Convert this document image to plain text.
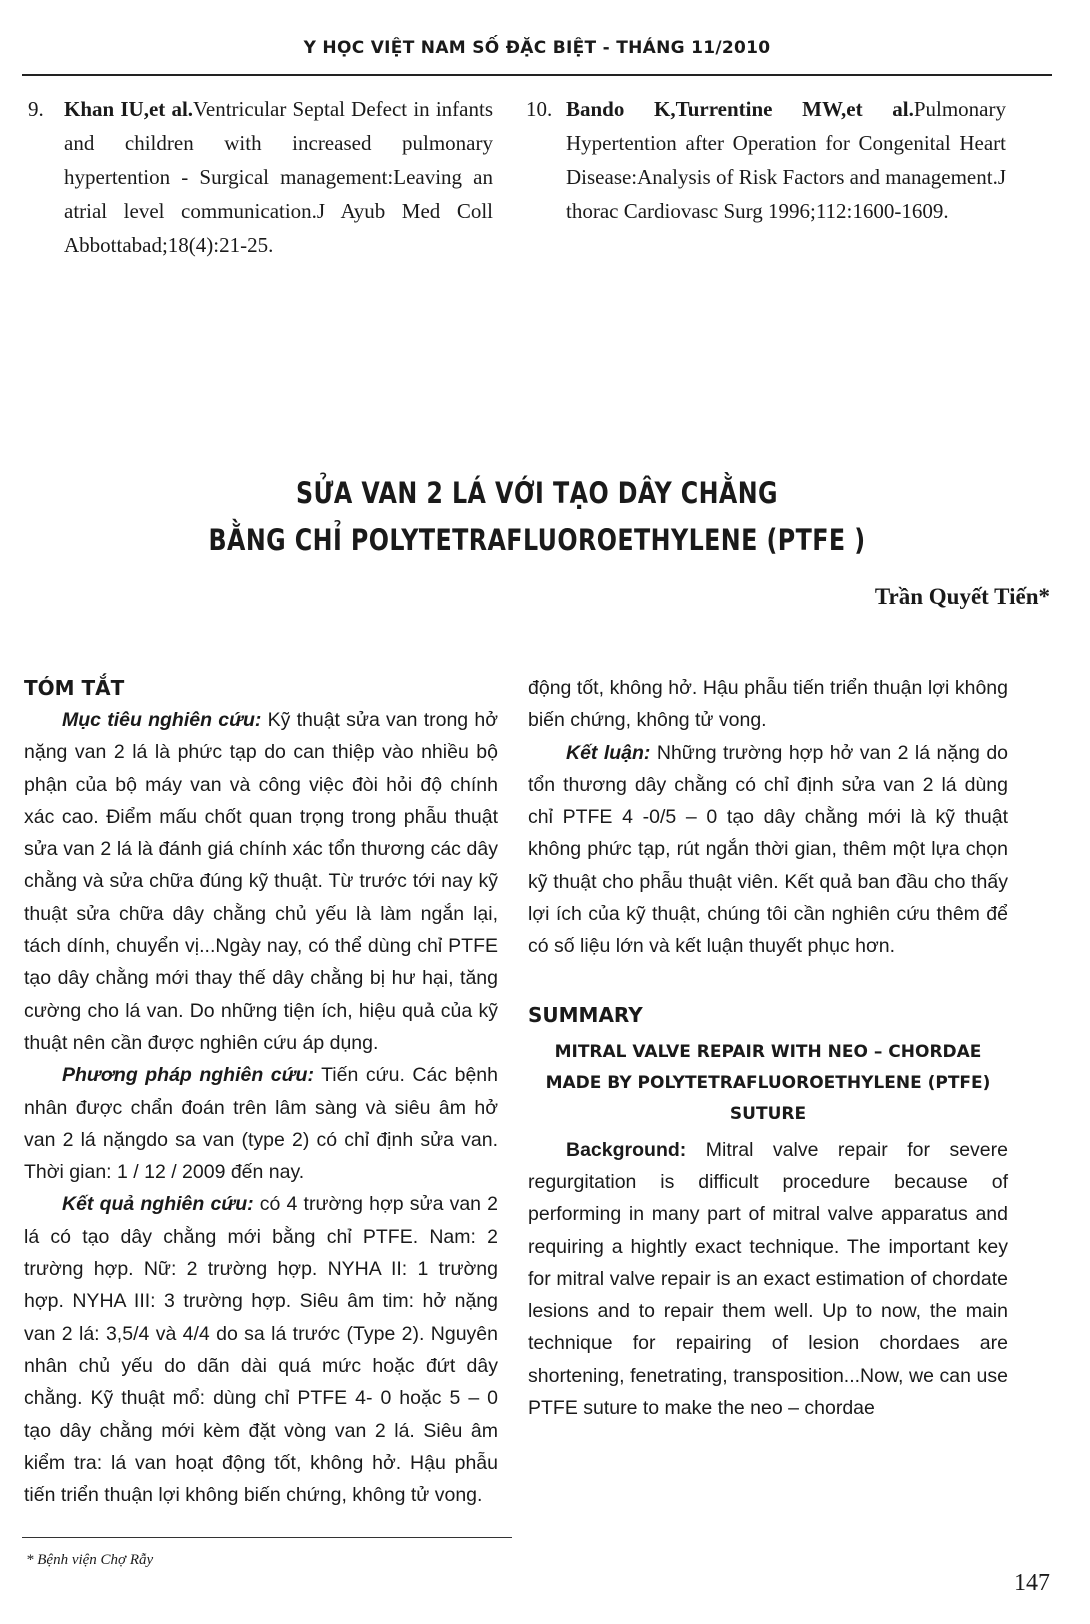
Y HỌC VIỆT NAM SỐ ĐẶC BIỆT - THÁNG 11/2010
9. Khan IU,et al.Ventricular Septal Defect in infants and children with increased pulmonary hypertention - Surgical management:Leaving an atrial level communication.J Ayub Med Coll Abbottabad;18(4):21-25.
10. Bando K,Turrentine MW,et al.Pulmonary Hypertention after Operation for Congenital Heart Disease:Analysis of Risk Factors and management.J thorac Cardiovasc Surg 1996;112:1600-1609.
SỬA VAN 2 LÁ VỚI TẠO DÂY CHẰNG
BẰNG CHỈ POLYTETRAFLUOROETHYLENE (PTFE )
Trần Quyết Tiến*
TÓM TẮT

Mục tiêu nghiên cứu: Kỹ thuật sửa van trong hở nặng van 2 lá là phức tạp do can thiệp vào nhiều bộ phận của bộ máy van và công việc đòi hỏi độ chính xác cao. Điểm mấu chốt quan trọng trong phẫu thuật sửa van 2 lá là đánh giá chính xác tổn thương các dây chằng và sửa chữa đúng kỹ thuật. Từ trước tới nay kỹ thuật sửa chữa dây chằng chủ yếu là làm ngắn lại, tách dính, chuyển vị...Ngày nay, có thể dùng chỉ PTFE tạo dây chằng mới thay thế dây chằng bị hư hại, tăng cường cho lá van. Do những tiện ích, hiệu quả của kỹ thuật nên cần được nghiên cứu áp dụng.

Phương pháp nghiên cứu: Tiến cứu. Các bệnh nhân được chẩn đoán trên lâm sàng và siêu âm hở van 2 lá nặngdo sa van (type 2) có chỉ định sửa van. Thời gian: 1 / 12 / 2009 đến nay.

Kết quả nghiên cứu: có 4 trường hợp sửa van 2 lá có tạo dây chằng mới bằng chỉ PTFE. Nam: 2 trường hợp. Nữ: 2 trường hợp. NYHA II: 1 trường hợp. NYHA III: 3 trường hợp. Siêu âm tim: hở nặng van 2 lá: 3,5/4 và 4/4 do sa lá trước (Type 2). Nguyên nhân chủ yếu do dãn dài quá mức hoặc đứt dây chằng. Kỹ thuật mổ: dùng chỉ PTFE 4- 0 hoặc 5 – 0 tạo dây chằng mới kèm đặt vòng van 2 lá. Siêu âm kiểm tra: lá van hoạt động tốt, không hở. Hậu phẫu tiến triển thuận lợi không biến chứng, không tử vong.

động tốt, không hở. Hậu phẫu tiến triển thuận lợi không biến chứng, không tử vong.

Kết luận: Những trường hợp hở van 2 lá nặng do tổn thương dây chằng có chỉ định sửa van 2 lá dùng chỉ PTFE 4 -0/5 – 0 tạo dây chằng mới là kỹ thuật không phức tạp, rút ngắn thời gian, thêm một lựa chọn kỹ thuật cho phẫu thuật viên. Kết quả ban đầu cho thấy lợi ích của kỹ thuật, chúng tôi cần nghiên cứu thêm để có số liệu lớn và kết luận thuyết phục hơn.

SUMMARY
MITRAL VALVE REPAIR WITH NEO – CHORDAE MADE BY POLYTETRAFLUOROETHYLENE (PTFE) SUTURE

Background: Mitral valve repair for severe regurgitation is difficult procedure because of performing in many part of mitral valve apparatus and requiring a hightly exact technique. The important key for mitral valve repair is an exact estimation of chordate lesions and to repair them well. Up to now, the main technique for repairing of lesion chordaes are shortening, fenetrating, transposition...Now, we can use PTFE suture to make the neo – chordae

* Bệnh viện Chợ Rẫy
147
